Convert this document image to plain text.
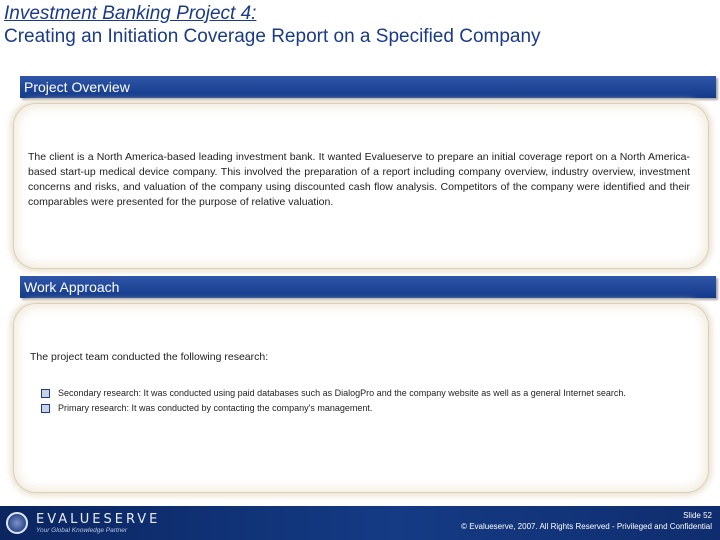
Investment Banking Project 4:
Creating an Initiation Coverage Report on a Specified Company
Project Overview
The client is a North America-based leading investment bank. It wanted Evalueserve to prepare an initial coverage report on a North America-based start-up medical device company. This involved the preparation of a report including company overview, industry overview, investment concerns and risks, and valuation of the company using discounted cash flow analysis. Competitors of the company were identified and their comparables were presented for the purpose of relative valuation.
Work Approach
The project team conducted the following research:
Secondary research: It was conducted using paid databases such as DialogPro and the company website as well as a general Internet search.
Primary research: It was conducted by contacting the company's management.
EVALUESERVE
Your Global Knowledge Partner
Slide 52
© Evalueserve, 2007. All Rights Reserved - Privileged and Confidential
